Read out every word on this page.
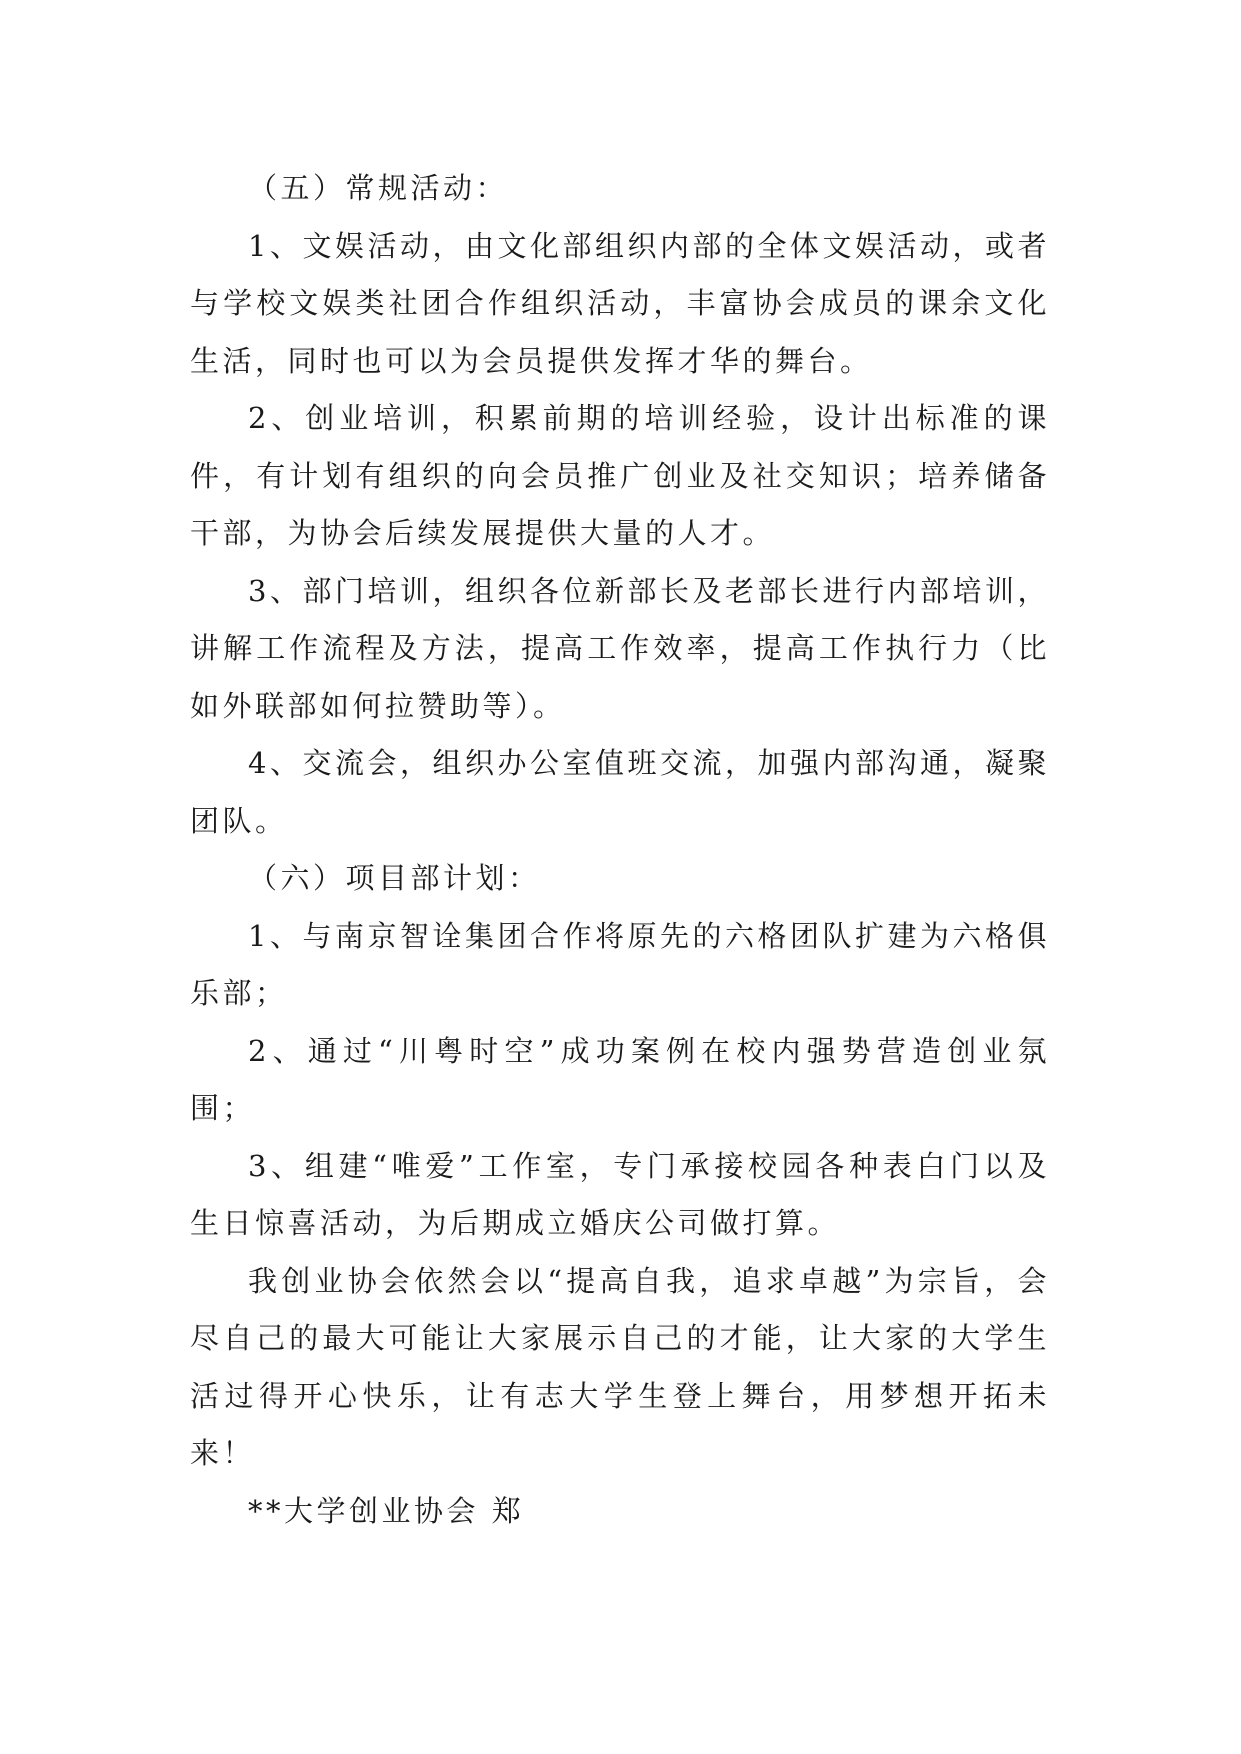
（五）常规活动：

1、文娱活动，由文化部组织内部的全体文娱活动，或者与学校文娱类社团合作组织活动，丰富协会成员的课余文化生活，同时也可以为会员提供发挥才华的舞台。

2、创业培训，积累前期的培训经验，设计出标准的课件，有计划有组织的向会员推广创业及社交知识；培养储备干部，为协会后续发展提供大量的人才。

3、部门培训，组织各位新部长及老部长进行内部培训，讲解工作流程及方法，提高工作效率，提高工作执行力（比如外联部如何拉赞助等）。

4、交流会，组织办公室值班交流，加强内部沟通，凝聚团队。

（六）项目部计划：

1、与南京智诠集团合作将原先的六格团队扩建为六格俱乐部；

2、通过“川粤时空”成功案例在校内强势营造创业氛围；

3、组建“唯爱”工作室，专门承接校园各种表白门以及生日惊喜活动，为后期成立婚庆公司做打算。

我创业协会依然会以“提高自我，追求卓越”为宗旨，会尽自己的最大可能让大家展示自己的才能，让大家的大学生活过得开心快乐，让有志大学生登上舞台，用梦想开拓未来！

**大学创业协会 郑
